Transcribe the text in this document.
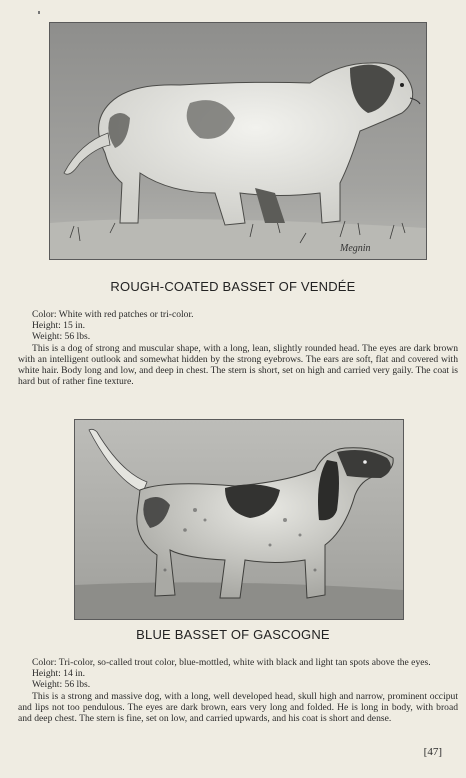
Megnin
ROUGH-COATED BASSET OF VENDÉE
Color: White with red patches or tri-color.
Height: 15 in.
Weight: 56 lbs.
This is a dog of strong and muscular shape, with a long, lean, slightly rounded head. The eyes are dark brown with an intelligent outlook and somewhat hidden by the strong eyebrows. The ears are soft, flat and covered with white hair. Body long and low, and deep in chest. The stern is short, set on high and carried very gaily. The coat is hard but of rather fine texture.
BLUE BASSET OF GASCOGNE
Color: Tri-color, so-called trout color, blue-mottled, white with black and light tan spots above the eyes.
Height: 14 in.
Weight: 56 lbs.
This is a strong and massive dog, with a long, well developed head, skull high and narrow, prominent occiput and lips not too pendulous. The eyes are dark brown, ears very long and folded. He is long in body, with broad and deep chest. The stern is fine, set on low, and carried upwards, and his coat is short and dense.
[47]
